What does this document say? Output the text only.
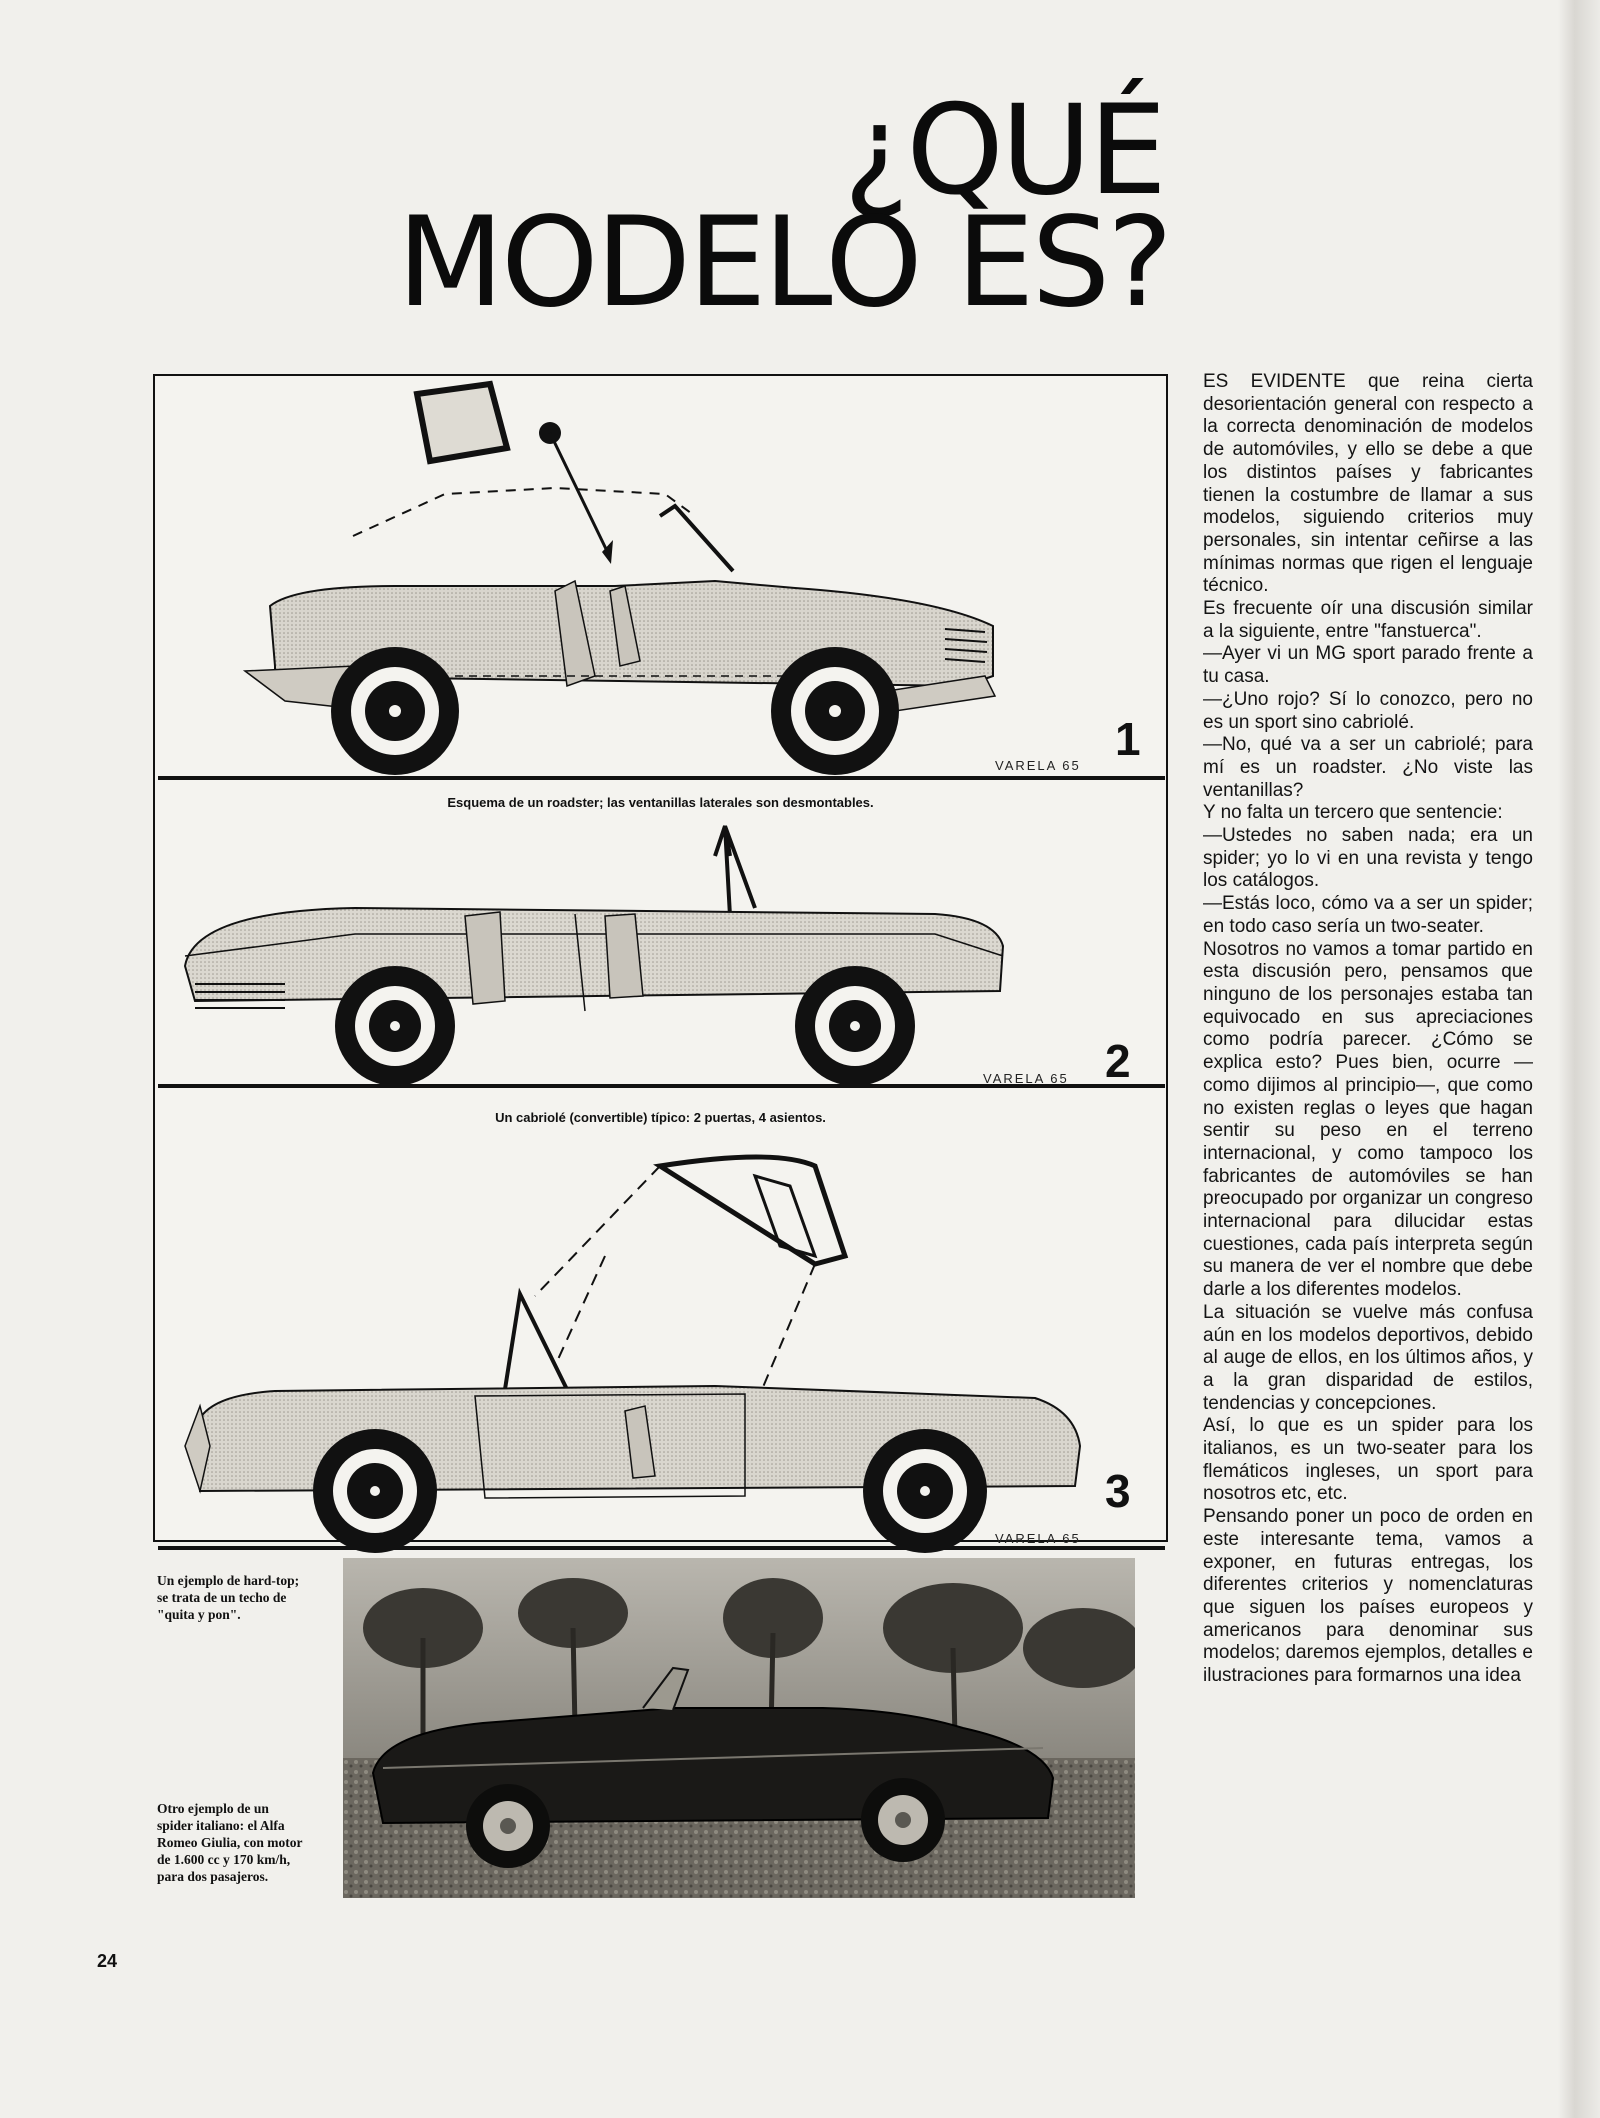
¿QUÉ
MODELO ES?
1
VARELA 65
Esquema de un roadster; las ventanillas laterales son desmontables.
2
VARELA 65
Un cabriolé (convertible) típico: 2 puertas, 4 asientos.
3
VARELA 65
Un ejemplo de hard-top; se trata de un techo de "quita y pon".
Otro ejemplo de un spider italiano: el Alfa Romeo Giulia, con motor de 1.600 cc y 170 km/h, para dos pasajeros.

ES EVIDENTE que reina cierta desorientación general con respecto a la correcta denominación de modelos de automóviles, y ello se debe a que los distintos países y fabricantes tienen la costumbre de llamar a sus modelos, siguiendo criterios muy personales, sin intentar ceñirse a las mínimas normas que rigen el lenguaje técnico.

Es frecuente oír una discusión similar a la siguiente, entre "fanstuerca".

—Ayer vi un MG sport parado frente a tu casa.

—¿Uno rojo? Sí lo conozco, pero no es un sport sino cabriolé.

—No, qué va a ser un cabriolé; para mí es un roadster. ¿No viste las ventanillas?

Y no falta un tercero que sentencie:

—Ustedes no saben nada; era un spider; yo lo vi en una revista y tengo los catálogos.

—Estás loco, cómo va a ser un spider; en todo caso sería un two-seater.

Nosotros no vamos a tomar partido en esta discusión pero, pensamos que ninguno de los personajes estaba tan equivocado en sus apreciaciones como podría parecer. ¿Cómo se explica esto? Pues bien, ocurre —como dijimos al principio—, que como no existen reglas o leyes que hagan sentir su peso en el terreno internacional, y como tampoco los fabricantes de automóviles se han preocupado por organizar un congreso internacional para dilucidar estas cuestiones, cada país interpreta según su manera de ver el nombre que debe darle a los diferentes modelos.

La situación se vuelve más confusa aún en los modelos deportivos, debido al auge de ellos, en los últimos años, y a la gran disparidad de estilos, tendencias y concepciones.

Así, lo que es un spider para los italianos, es un two-seater para los flemáticos ingleses, un sport para nosotros etc, etc.

Pensando poner un poco de orden en este interesante tema, vamos a exponer, en futuras entregas, los diferentes criterios y nomenclaturas que siguen los países europeos y americanos para denominar sus modelos; daremos ejemplos, detalles e ilustraciones para formarnos una idea

24
